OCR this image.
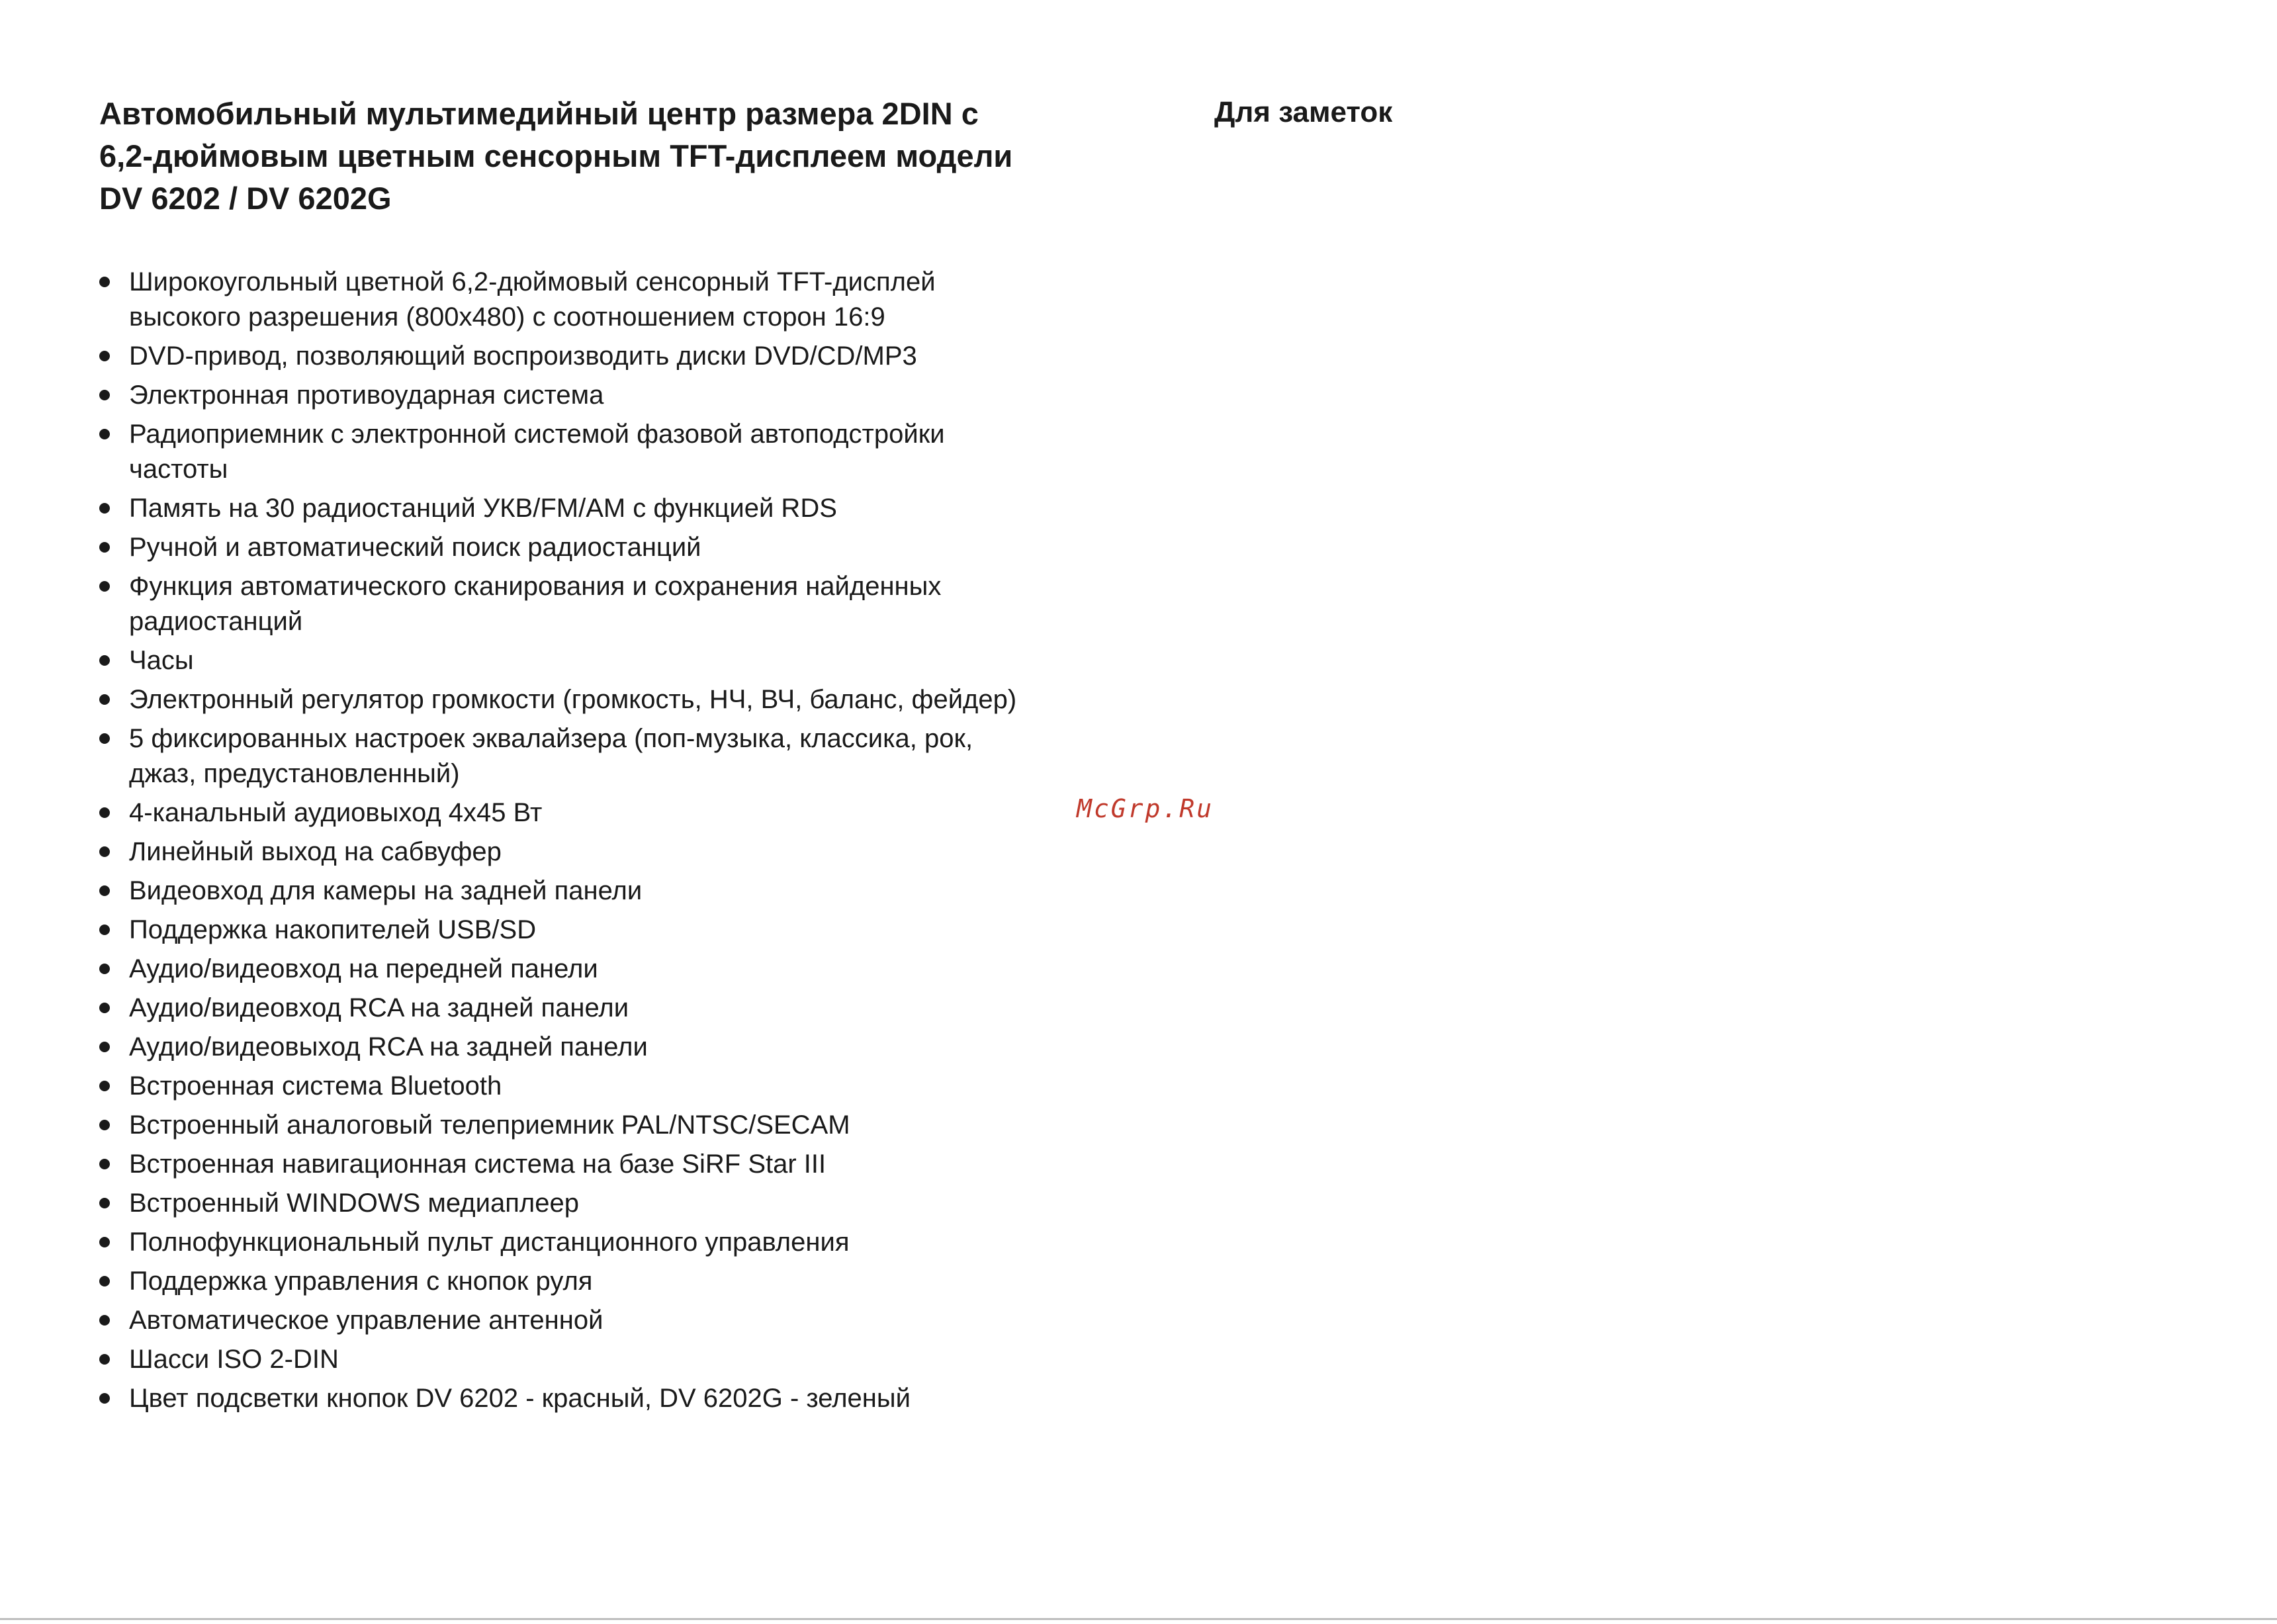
Автомобильный мультимедийный центр размера 2DIN с
6,2-дюймовым цветным сенсорным TFT-дисплеем модели
DV 6202 / DV 6202G
Широкоугольный цветной 6,2-дюймовый сенсорный TFT-дисплей
высокого разрешения (800x480) с соотношением сторон 16:9
DVD-привод, позволяющий воспроизводить диски DVD/CD/MP3
Электронная противоударная система
Радиоприемник с электронной системой фазовой автоподстройки
частоты
Память на 30 радиостанций УКВ/FM/AM с функцией RDS
Ручной и автоматический поиск радиостанций
Функция автоматического сканирования и сохранения найденных
радиостанций
Часы
Электронный регулятор громкости (громкость, НЧ, ВЧ, баланс, фейдер)
5 фиксированных настроек эквалайзера (поп-музыка, классика, рок,
джаз, предустановленный)
4-канальный аудиовыход 4х45 Вт
Линейный выход на сабвуфер
Видеовход для камеры на задней панели
Поддержка накопителей USB/SD
Аудио/видеовход на передней панели
Аудио/видеовход RCA на задней панели
Аудио/видеовыход RCA на задней панели
Встроенная система Bluetooth
Встроенный аналоговый телеприемник PAL/NTSC/SECAM
Встроенная навигационная система на базе SiRF Star III
Встроенный WINDOWS медиаплеер
Полнофункциональный пульт дистанционного управления
Поддержка управления с кнопок руля
Автоматическое управление антенной
Шасси ISO 2-DIN
Цвет подсветки кнопок DV 6202 - красный, DV 6202G - зеленый
McGrp.Ru
Для заметок
